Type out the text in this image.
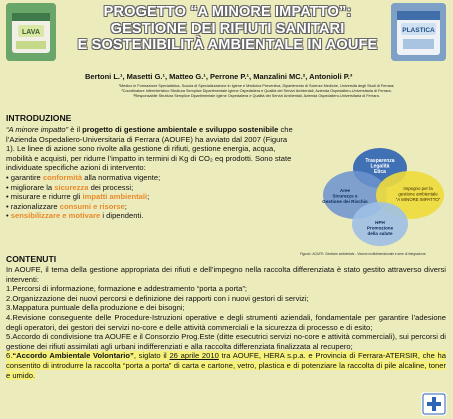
LAVA	PLASTICA
PROGETTO “A MINORE IMPATTO”:
GESTIONE DEI RIFIUTI SANITARI
E SOSTENIBILITÀ AMBIENTALE IN AOUFE
Bertoni L.¹, Masetti G.¹, Matteo G.¹, Perrone P.¹, Manzalini MC.², Antonioli P.³
¹Medico in Formazione Specialistica, Scuola di Specializzazione in Igiene e Medicina Preventiva, Dipartimento di Scienze Mediche, Università degli Studi di Ferrara;
²Coordinatore Infermieristico Struttura Semplice Dipartimentale Igiene Ospedaliera e Qualità dei Servizi Ambientali, Azienda Ospedaliero-Universitaria di Ferrara;
³Responsabile Struttura Semplice Dipartimentale Igiene Ospedaliera e Qualità dei Servizi Ambientali, Azienda Ospedaliero-Universitaria di Ferrara.
INTRODUZIONE

“A minore impatto” è il progetto di gestione ambientale e sviluppo sostenibile che l’Azienda Ospedaliero-Universitaria di Ferrara (AOUFE) ha avviato dal 2007 (Figura 1). Le linee di azione sono rivolte alla gestione di rifiuti, gestione energia, acqua, mobilità e acquisti, per ridurre l’impatto in termini di Kg di CO₂ eq prodotti. Sono state individuate specifiche azioni di intervento:

• garantire conformità alla normativa vigente;
• migliorare la sicurezza dei processi;
• misurare e ridurre gli impatti ambientali;
• razionalizzare consumi e risorse;
• sensibilizzare e motivare i dipendenti.
Trasparenza Legalità Etica
Aree Sicurezza e Gestione dei Rischio
Impegno per la gestione ambientale “A MINORE IMPATTO”
HPH Promozione della salute
Figura1: AOUFE: Gestione ambientale - Visione multidimensionale e aree di integrazione.
CONTENUTI

In AOUFE, il tema della gestione appropriata dei rifiuti e dell’impegno nella raccolta differenziata è stato gestito attraverso diversi interventi:

1.Percorsi di informazione, formazione e addestramento “porta a porta”;

2.Organizzazione dei nuovi percorsi e definizione dei rapporti con i nuovi gestori di servizi;

3.Mappatura puntuale della produzione e dei bisogni;

4.Revisione conseguente delle Procedure-Istruzioni operative e degli strumenti aziendali, fondamentale per garantire l’adesione degli operatori, dei gestori dei servizi no-core e delle attività commerciali e la sicurezza di processo e di esito;

5.Accordo di condivisione tra AOUFE e il Consorzio Prog.Este (ditte esecutrici servizi no-core e attività commerciali), sui percorsi di gestione dei rifiuti assimilati agli urbani indifferenziati e alla raccolta differenziata finalizzata al recupero;

6.“Accordo Ambientale Volontario”, siglato il 26 aprile 2010 tra AOUFE, HERA s.p.a. e Provincia di Ferrara-ATERSIR, che ha consentito di introdurre la raccolta “porta a porta” di carta e cartone, vetro, plastica e di potenziare la raccolta di pile alcaline, toner e umido.
